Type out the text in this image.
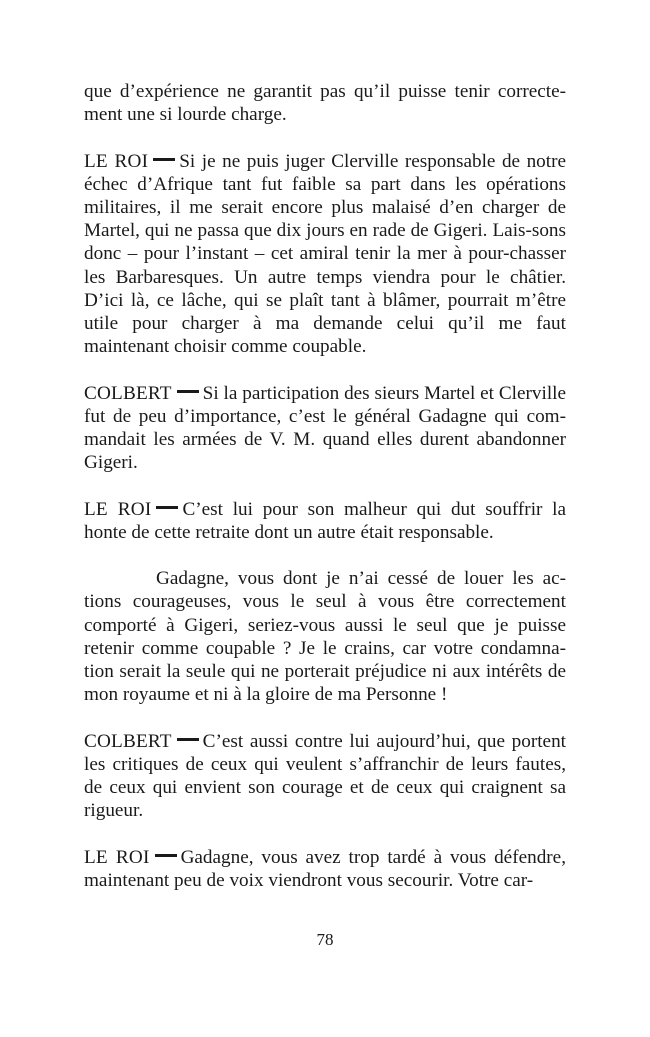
que d’expérience ne garantit pas qu’il puisse tenir correcte-ment une si lourde charge.

LE ROI Si je ne puis juger Clerville responsable de notre échec d’Afrique tant fut faible sa part dans les opérations militaires, il me serait encore plus malaisé d’en charger de Martel, qui ne passa que dix jours en rade de Gigeri. Lais-sons donc – pour l’instant – cet amiral tenir la mer à pour-chasser les Barbaresques. Un autre temps viendra pour le châtier. D’ici là, ce lâche, qui se plaît tant à blâmer, pourrait m’être utile pour charger à ma demande celui qu’il me faut maintenant choisir comme coupable.

COLBERT Si la participation des sieurs Martel et Clerville fut de peu d’importance, c’est le général Gadagne qui com-mandait les armées de V. M. quand elles durent abandonner Gigeri.

LE ROI C’est lui pour son malheur qui dut souffrir la honte de cette retraite dont un autre était responsable.

Gadagne, vous dont je n’ai cessé de louer les ac-tions courageuses, vous le seul à vous être correctement comporté à Gigeri, seriez-vous aussi le seul que je puisse retenir comme coupable ? Je le crains, car votre condamna-tion serait la seule qui ne porterait préjudice ni aux intérêts de mon royaume et ni à la gloire de ma Personne !

COLBERT C’est aussi contre lui aujourd’hui, que portent les critiques de ceux qui veulent s’affranchir de leurs fautes, de ceux qui envient son courage et de ceux qui craignent sa rigueur.

LE ROI Gadagne, vous avez trop tardé à vous défendre, maintenant peu de voix viendront vous secourir. Votre car-

78
